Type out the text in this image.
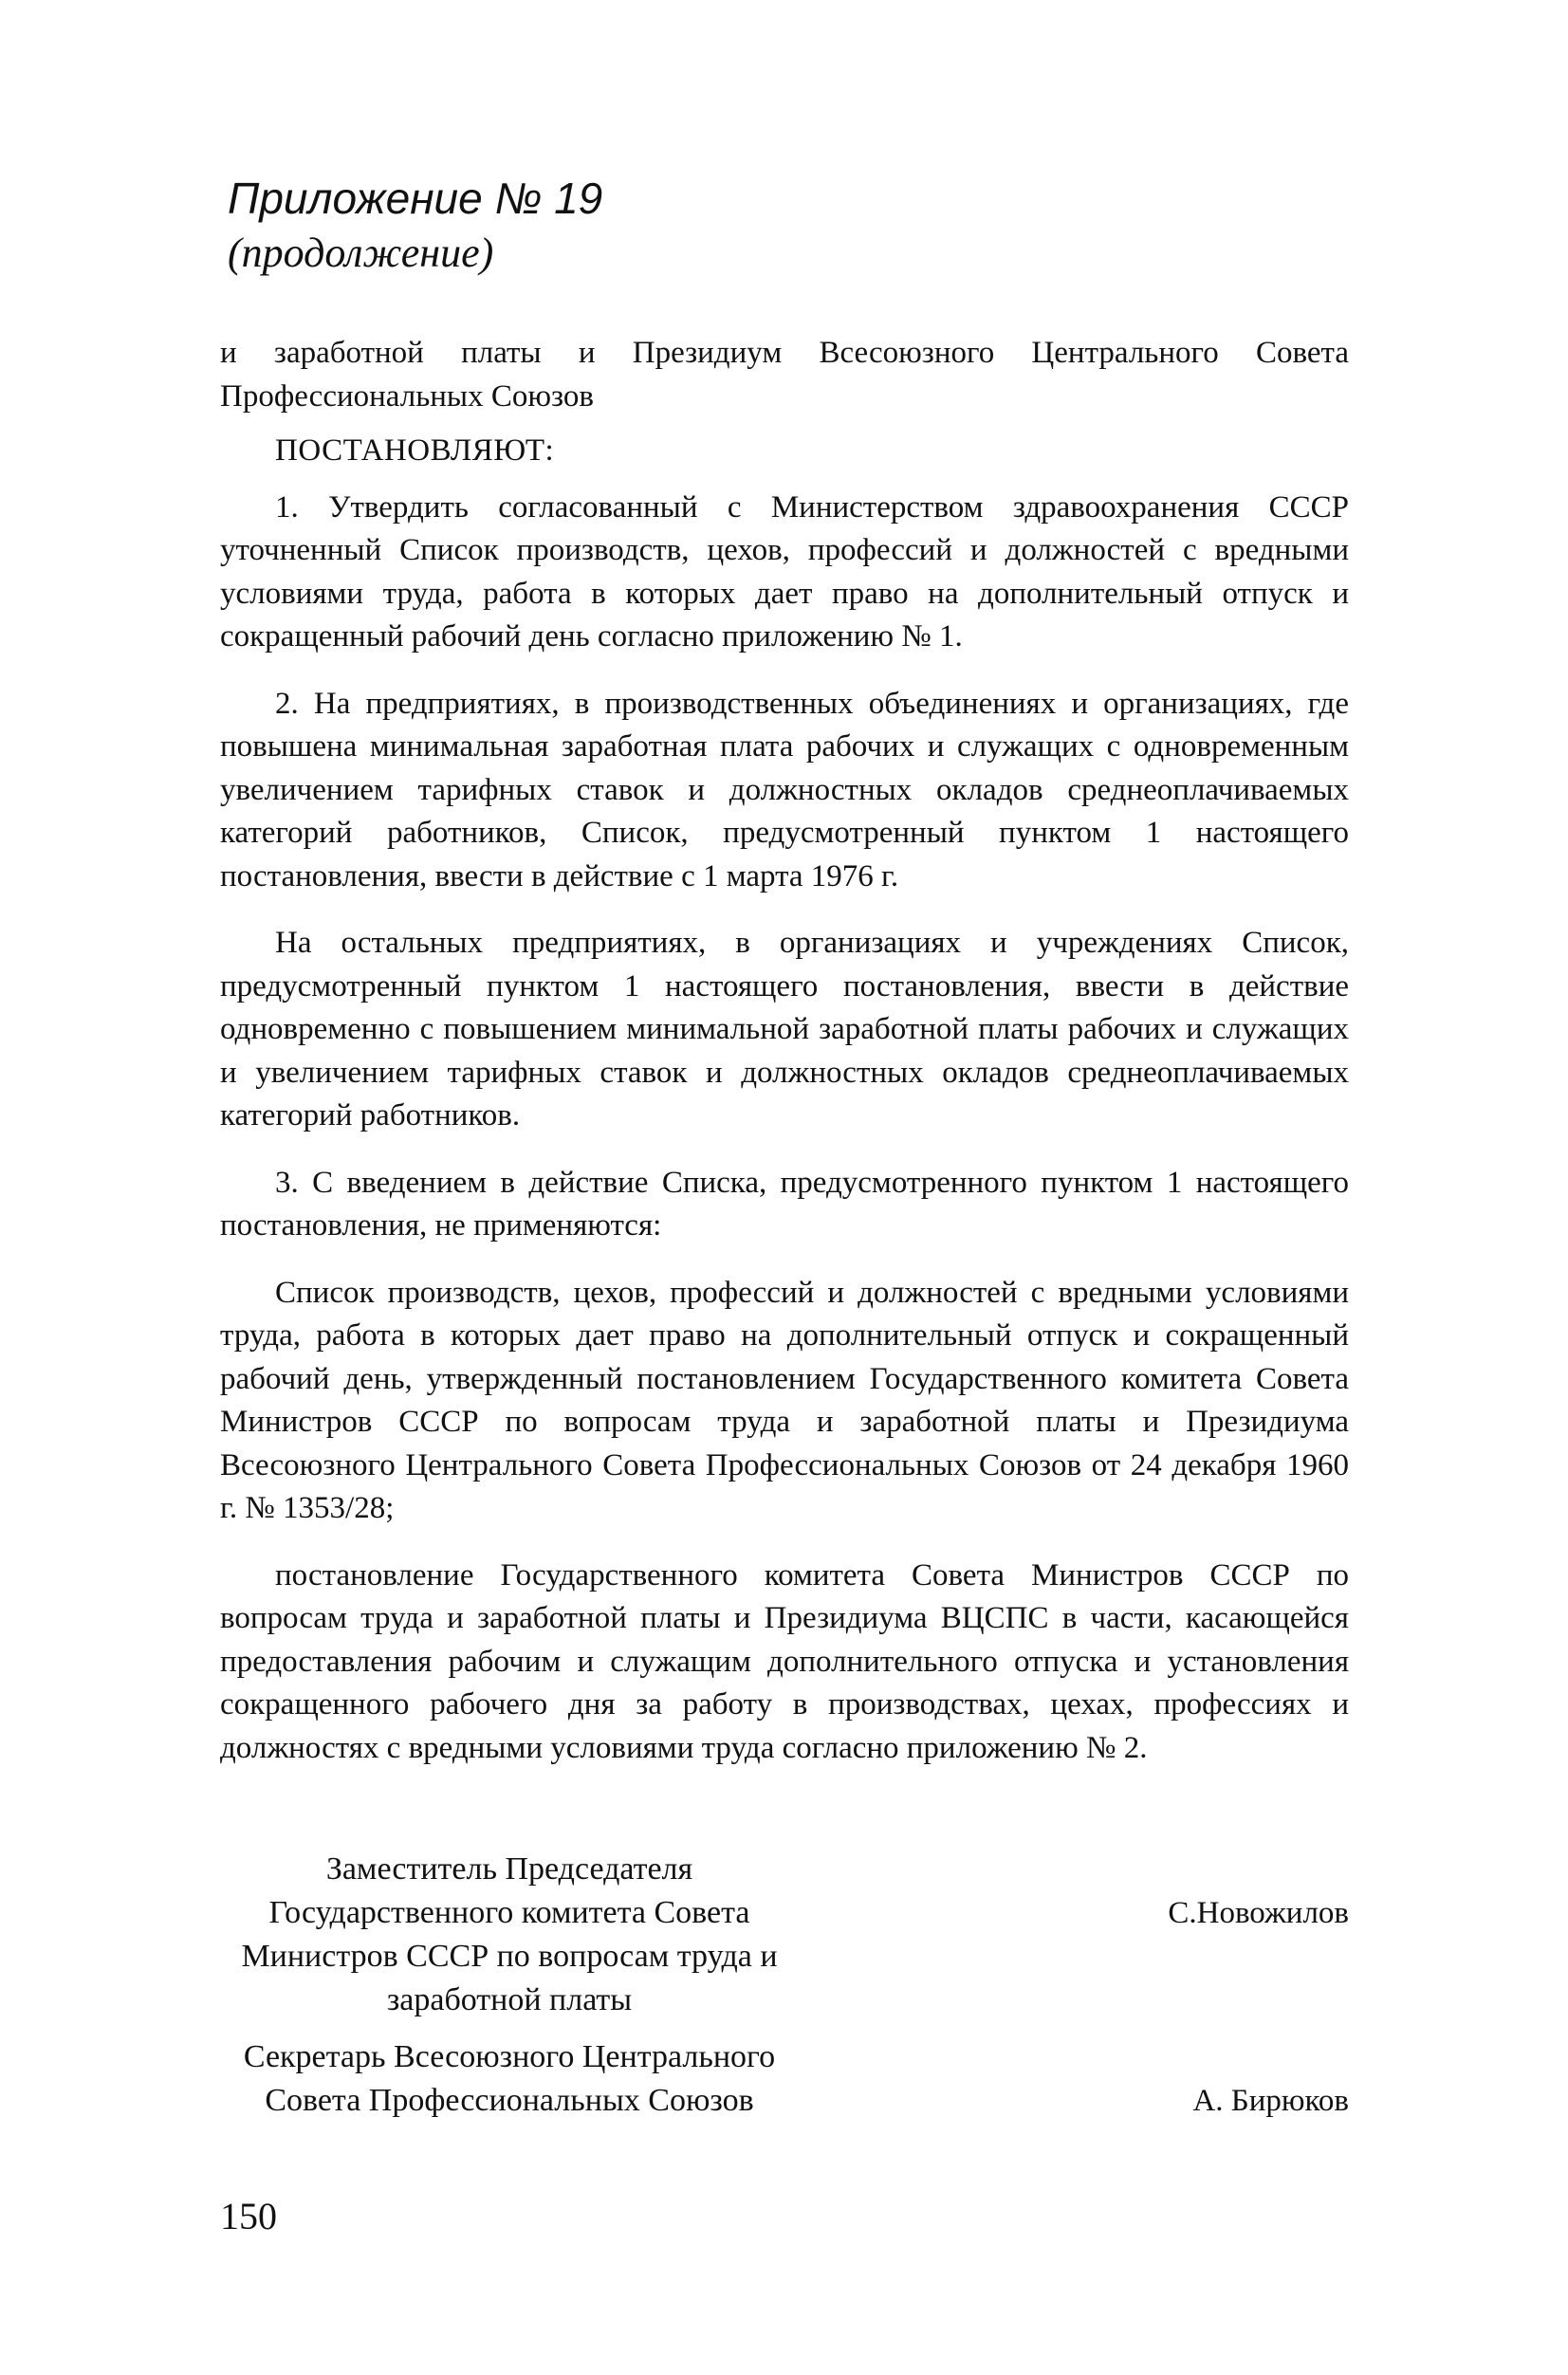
Приложение № 19
(продолжение)

и заработной платы и Президиум Всесоюзного Центрального Совета Профессиональных Союзов

ПОСТАНОВЛЯЮТ:

1. Утвердить согласованный с Министерством здравоохранения СССР уточненный Список производств, цехов, профессий и должностей с вредными условиями труда, работа в которых дает право на дополнительный отпуск и сокращенный рабочий день согласно приложению № 1.

2. На предприятиях, в производственных объединениях и организациях, где повышена минимальная заработная плата рабочих и служащих с одновременным увеличением тарифных ставок и должностных окладов среднеоплачиваемых категорий работников, Список, предусмотренный пунктом 1 настоящего постановления, ввести в действие с 1 марта 1976 г.

На остальных предприятиях, в организациях и учреждениях Список, предусмотренный пунктом 1 настоящего постановления, ввести в действие одновременно с повышением минимальной заработной платы рабочих и служащих и увеличением тарифных ставок и должностных окладов среднеоплачиваемых категорий работников.

3. С введением в действие Списка, предусмотренного пунктом 1 настоящего постановления, не применяются:

Список производств, цехов, профессий и должностей с вредными условиями труда, работа в которых дает право на дополнительный отпуск и сокращенный рабочий день, утвержденный постановлением Государственного комитета Совета Министров СССР по вопросам труда и заработной платы и Президиума Всесоюзного Центрального Совета Профессиональных Союзов от 24 декабря 1960 г. № 1353/28;

постановление Государственного комитета Совета Министров СССР по вопросам труда и заработной платы и Президиума ВЦСПС в части, касающейся предоставления рабочим и служащим дополнительного отпуска и установления сокращенного рабочего дня за работу в производствах, цехах, профессиях и должностях с вредными условиями труда согласно приложению № 2.

Заместитель Председателя Государственного комитета Совета Министров СССР по вопросам труда и заработной платы
С.Новожилов
Секретарь Всесоюзного Центрального Совета Профессиональных Союзов	А. Бирюков
150
